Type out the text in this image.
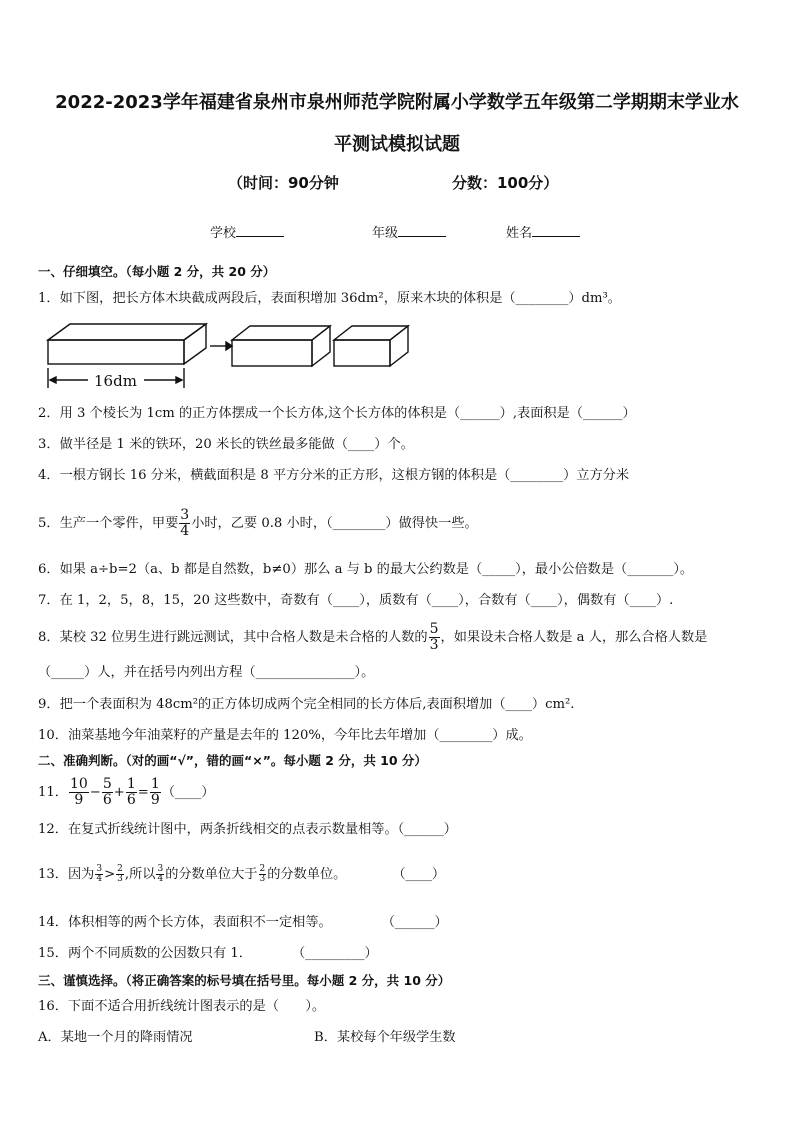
2022-2023学年福建省泉州市泉州师范学院附属小学数学五年级第二学期期末学业水
平测试模拟试题
（时间：90分钟	分数：100分）
学校	年级	姓名
一、仔细填空。（每小题 2 分，共 20 分）
1．如下图，把长方体木块截成两段后，表面积增加 36dm²，原来木块的体积是（________）dm³。
16dm
2．用 3 个棱长为 1cm 的正方体摆成一个长方体,这个长方体的体积是（______）,表面积是（______）
3．做半径是 1 米的铁环，20 米长的铁丝最多能做（____）个。
4．一根方钢长 16 分米，横截面积是 8 平方分米的正方形，这根方钢的体积是（________）立方分米
5．生产一个零件，甲要 $\frac{3}{4}$ 小时，乙要 0.8 小时，（________）做得快一些。
6．如果 a÷b=2（a、b 都是自然数，b≠0）那么 a 与 b 的最大公约数是（_____），最小公倍数是（_______）。
7．在 1，2，5，8，15，20 这些数中，奇数有（____），质数有（____），合数有（____），偶数有（____）.
8．某校 32 位男生进行跳远测试，其中合格人数是未合格的人数的 $\frac{5}{3}$ ，如果设未合格人数是 a 人，那么合格人数是
（_____）人，并在括号内列出方程（_______________）。
9．把一个表面积为 48cm²的正方体切成两个完全相同的长方体后,表面积增加（____）cm².
10．油菜基地今年油菜籽的产量是去年的 120%，今年比去年增加（________）成。
二、准确判断。（对的画“√”，错的画“×”。每小题 2 分，共 10 分）
11． $\frac{10}{9} - \frac{5}{6} + \frac{1}{6} = \frac{1}{9}$ （____）
12．在复式折线统计图中，两条折线相交的点表示数量相等。（______）
13．因为 $\frac{3}{4} > \frac{2}{3}$ ,所以 $\frac{3}{4}$ 的分数单位大于 $\frac{2}{3}$ 的分数单位。	（____）
14．体积相等的两个长方体，表面积不一定相等。	（______）
15．两个不同质数的公因数只有 1．	（_________）
三、谨慎选择。（将正确答案的标号填在括号里。每小题 2 分，共 10 分）
16．下面不适合用折线统计图表示的是（　　）。
A．某地一个月的降雨情况	B．某校每个年级学生数
